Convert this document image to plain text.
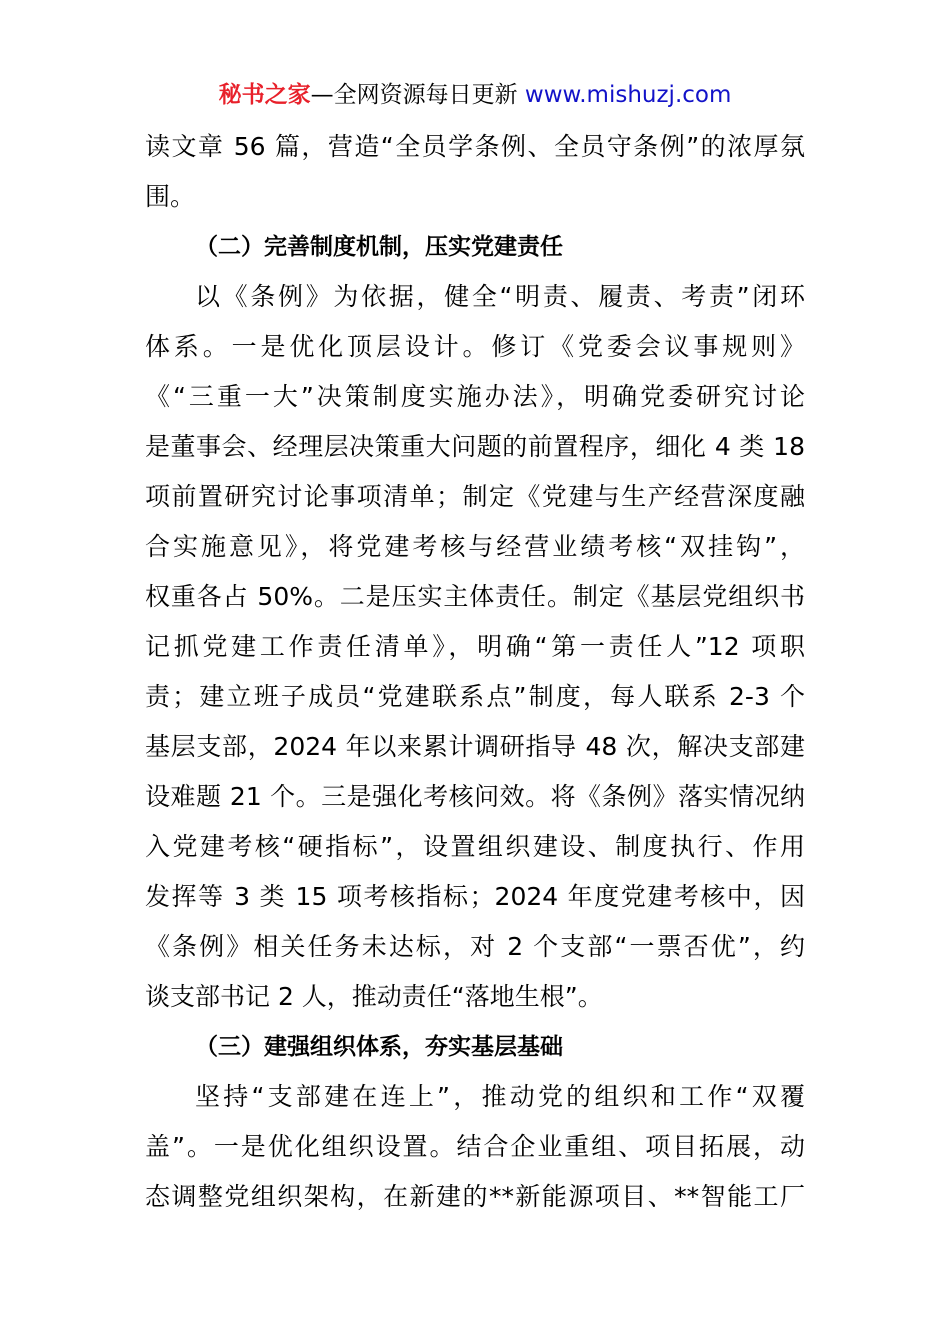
秘书之家—全网资源每日更新 www.mishuzj.com
读文章 56 篇，营造“全员学条例、全员守条例”的浓厚氛
围。
（二）完善制度机制，压实党建责任
以《条例》为依据，健全“明责、履责、考责”闭环
体系。一是优化顶层设计。修订《党委会议事规则》
《“三重一大”决策制度实施办法》，明确党委研究讨论
是董事会、经理层决策重大问题的前置程序，细化 4 类 18
项前置研究讨论事项清单；制定《党建与生产经营深度融
合实施意见》，将党建考核与经营业绩考核“双挂钩”，
权重各占 50%。二是压实主体责任。制定《基层党组织书
记抓党建工作责任清单》，明确“第一责任人”12 项职
责；建立班子成员“党建联系点”制度，每人联系 2-3 个
基层支部，2024 年以来累计调研指导 48 次，解决支部建
设难题 21 个。三是强化考核问效。将《条例》落实情况纳
入党建考核“硬指标”，设置组织建设、制度执行、作用
发挥等 3 类 15 项考核指标；2024 年度党建考核中，因
《条例》相关任务未达标，对 2 个支部“一票否优”，约
谈支部书记 2 人，推动责任“落地生根”。
（三）建强组织体系，夯实基层基础
坚持“支部建在连上”，推动党的组织和工作“双覆
盖”。一是优化组织设置。结合企业重组、项目拓展，动
态调整党组织架构，在新建的**新能源项目、**智能工厂
